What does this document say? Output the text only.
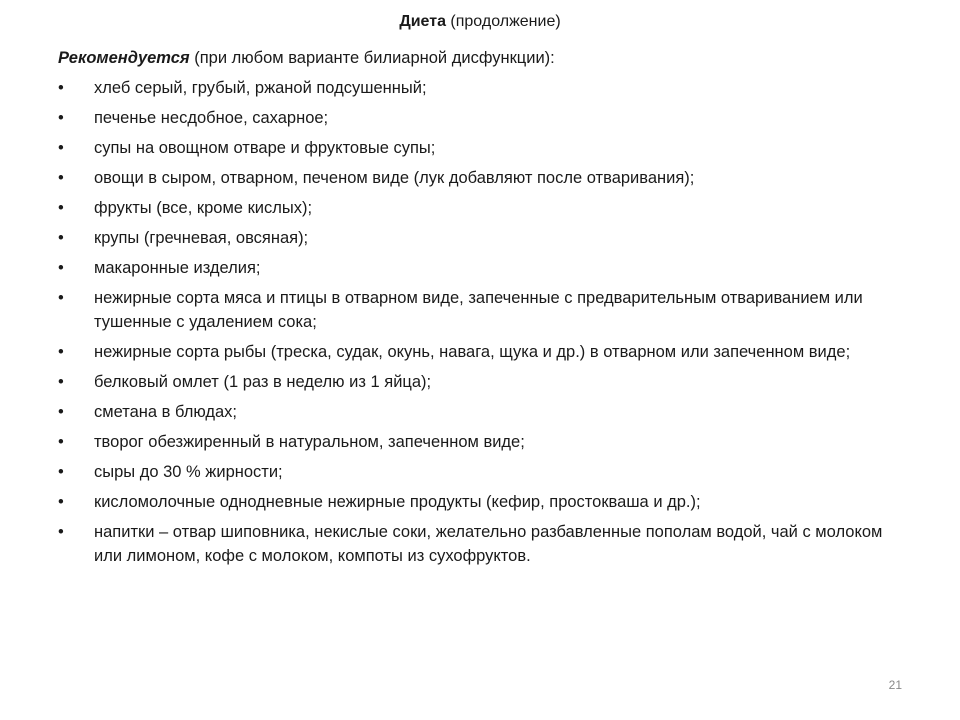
Диета (продолжение)

Рекомендуется (при любом варианте билиарной дисфункции):

• хлеб серый, грубый, ржаной подсушенный;
• печенье несдобное, сахарное;
• супы на овощном отваре и фруктовые супы;
• овощи в сыром, отварном, печеном виде (лук добавляют после отваривания);
• фрукты (все, кроме кислых);
• крупы (гречневая, овсяная);
• макаронные изделия;
• нежирные сорта мяса и птицы в отварном виде, запеченные с предварительным отвариванием или тушенные с удалением сока;
• нежирные сорта рыбы (треска, судак, окунь, навага, щука и др.) в отварном или запеченном виде;
• белковый омлет (1 раз в неделю из 1 яйца);
• сметана в блюдах;
• творог обезжиренный в натуральном, запеченном виде;
• сыры до 30 % жирности;
• кисломолочные однодневные нежирные продукты (кефир, простокваша и др.);
• напитки – отвар шиповника, некислые соки, желательно разбавленные пополам водой, чай с молоком или лимоном, кофе с молоком, компоты из сухофруктов.
21
